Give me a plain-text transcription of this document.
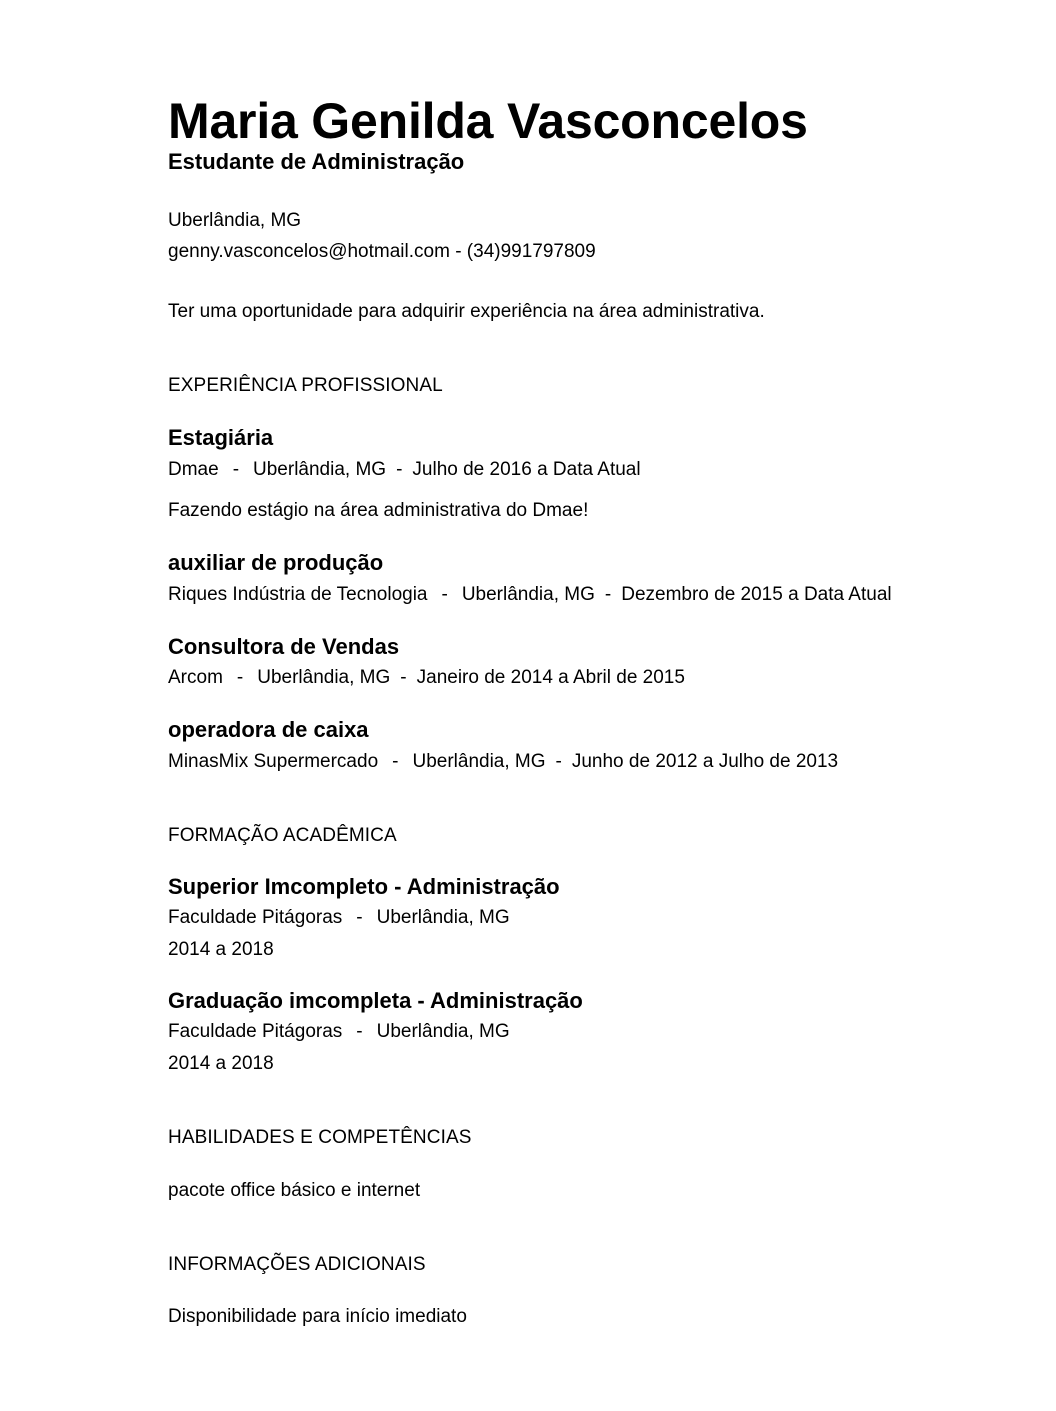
Maria Genilda Vasconcelos
Estudante de Administração
Uberlândia, MG
genny.vasconcelos@hotmail.com - (34)991797809
Ter uma oportunidade para adquirir experiência na área administrativa.
EXPERIÊNCIA PROFISSIONAL
Estagiária
Dmae - Uberlândia, MG - Julho de 2016 a Data Atual
Fazendo estágio na área administrativa do Dmae!
auxiliar de produção
Riques Indústria de Tecnologia - Uberlândia, MG - Dezembro de 2015 a Data Atual
Consultora de Vendas
Arcom - Uberlândia, MG - Janeiro de 2014 a Abril de 2015
operadora de caixa
MinasMix Supermercado - Uberlândia, MG - Junho de 2012 a Julho de 2013
FORMAÇÃO ACADÊMICA
Superior Imcompleto - Administração
Faculdade Pitágoras - Uberlândia, MG
2014 a 2018
Graduação imcompleta - Administração
Faculdade Pitágoras - Uberlândia, MG
2014 a 2018
HABILIDADES E COMPETÊNCIAS
pacote office básico e internet
INFORMAÇÕES ADICIONAIS
Disponibilidade para início imediato
